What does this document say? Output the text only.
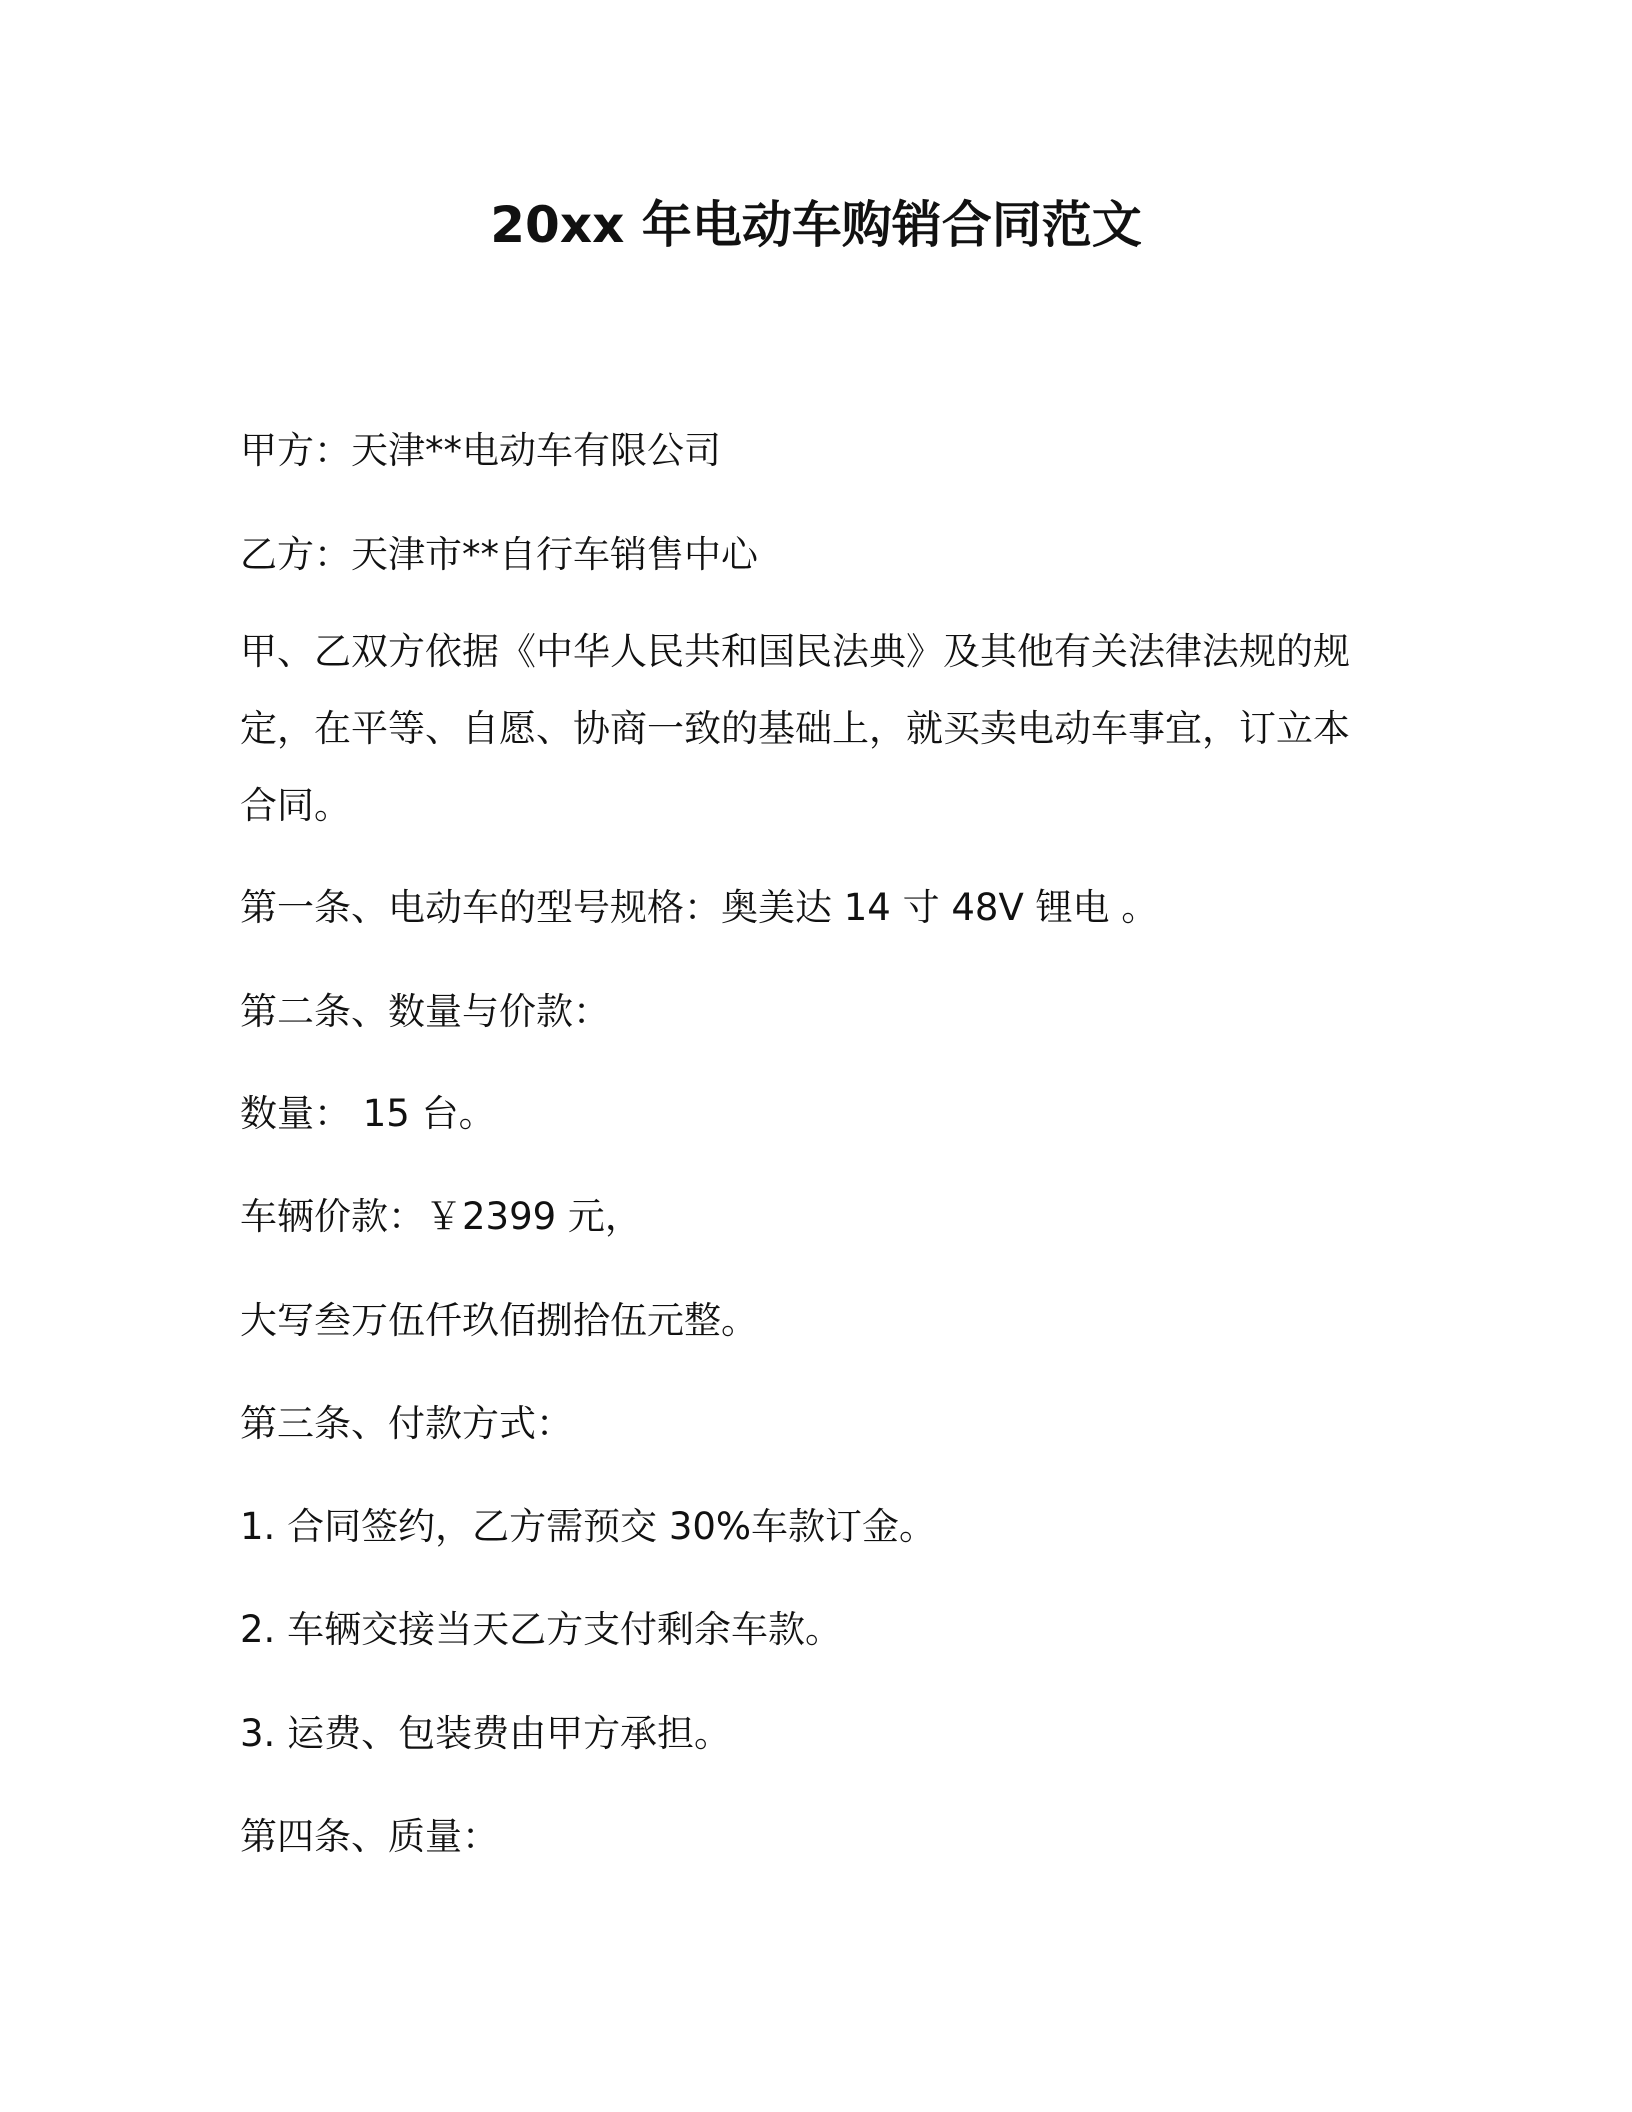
20xx 年电动车购销合同范文
甲方：天津**电动车有限公司
乙方：天津市**自行车销售中心
甲、乙双方依据《中华人民共和国民法典》及其他有关法律法规的规
定，在平等、自愿、协商一致的基础上，就买卖电动车事宜，订立本
合同。
第一条、电动车的型号规格：奥美达 14 寸 48V 锂电 。
第二条、数量与价款：
数量： 15 台。
车辆价款：￥2399 元，
大写叁万伍仟玖佰捌拾伍元整。
第三条、付款方式：
1. 合同签约，乙方需预交 30%车款订金。
2. 车辆交接当天乙方支付剩余车款。
3. 运费、包装费由甲方承担。
第四条、质量：
